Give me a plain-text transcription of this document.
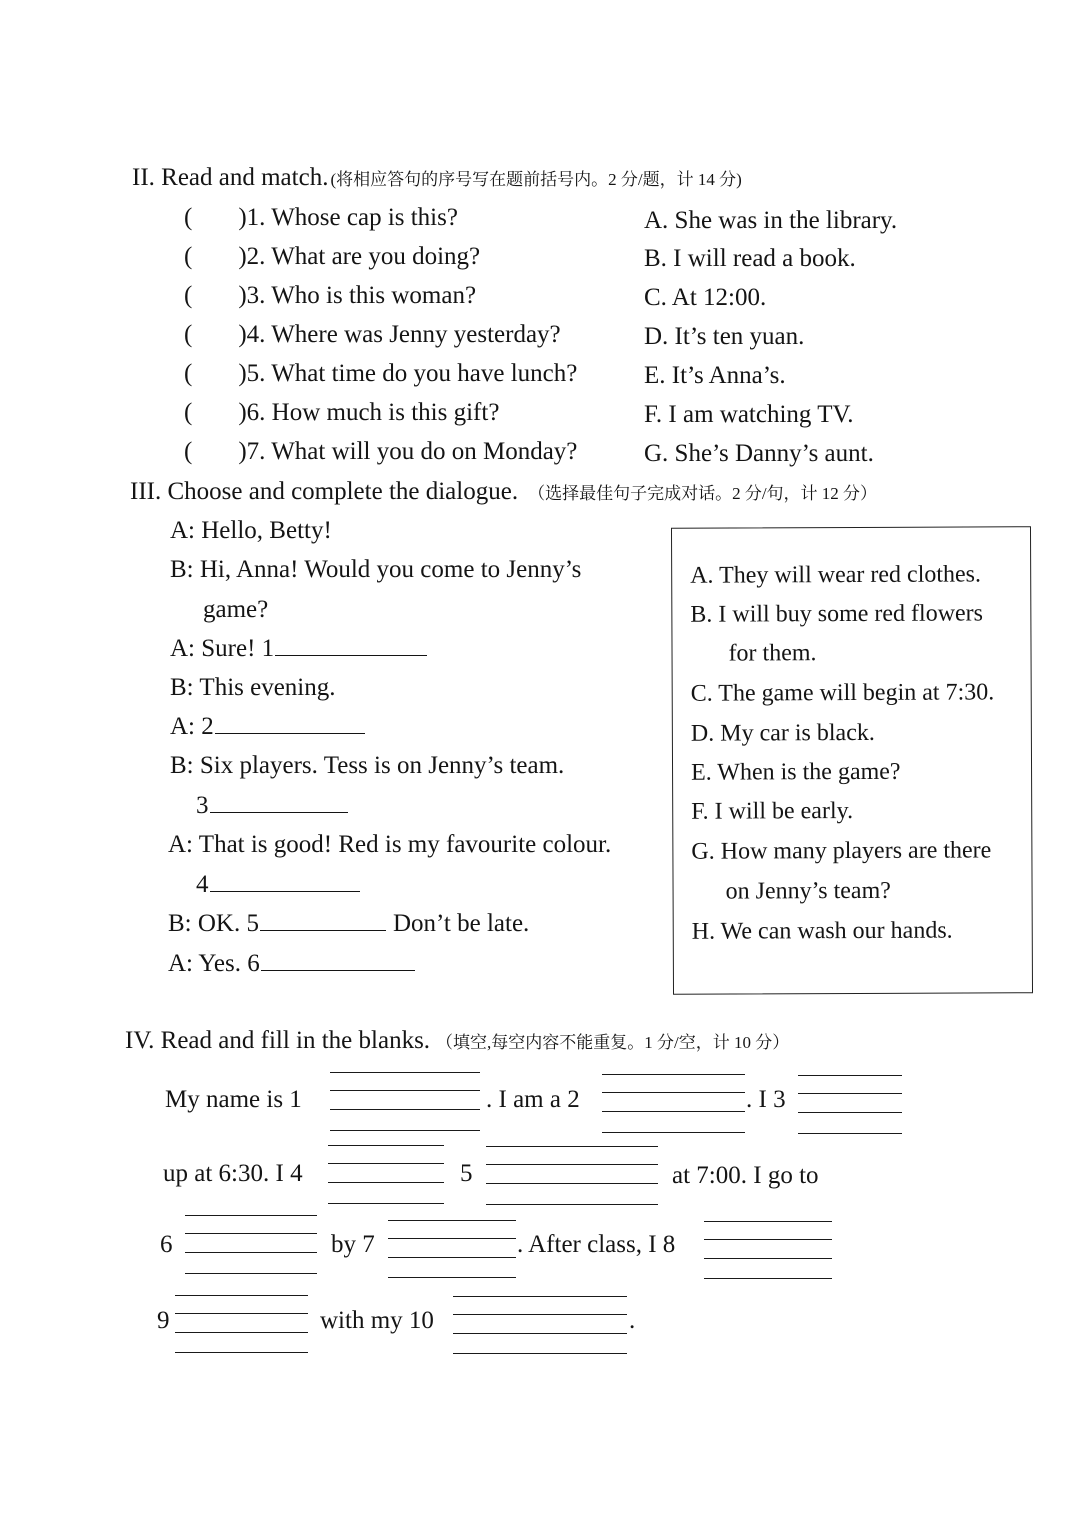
II. Read and match. (将相应答句的序号写在题前括号内。2 分/题，计 14 分)
( )1. Whose cap is this?
( )2. What are you doing?
( )3. Who is this woman?
( )4. Where was Jenny yesterday?
( )5. What time do you have lunch?
( )6. How much is this gift?
( )7. What will you do on Monday?
A. She was in the library.
B. I will read a book.
C. At 12:00.
D. It’s ten yuan.
E. It’s Anna’s.
F. I am watching TV.
G. She’s Danny’s aunt.
III. Choose and complete the dialogue. （选择最佳句子完成对话。2 分/句，计 12 分）
A: Hello, Betty!
B: Hi, Anna! Would you come to Jenny’s
game?
A: Sure! 1
B: This evening.
A: 2
B: Six players. Tess is on Jenny’s team.
3
A: That is good! Red is my favourite colour.
4
B: OK. 5	Don’t be late.
A: Yes. 6
A. They will wear red clothes.
B. I will buy some red flowers
for them.
C. The game will begin at 7:30.
D. My car is black.
E. When is the game?
F. I will be early.
G. How many players are there
on Jenny’s team?
H. We can wash our hands.
IV. Read and fill in the blanks. （填空,每空内容不能重复。1 分/空，计 10 分）
My name is 1	. I am a 2	. I 3
up at 6:30. I 4	5	at 7:00. I go to
6	by 7	. After class, I 8
9	with my 10	.
